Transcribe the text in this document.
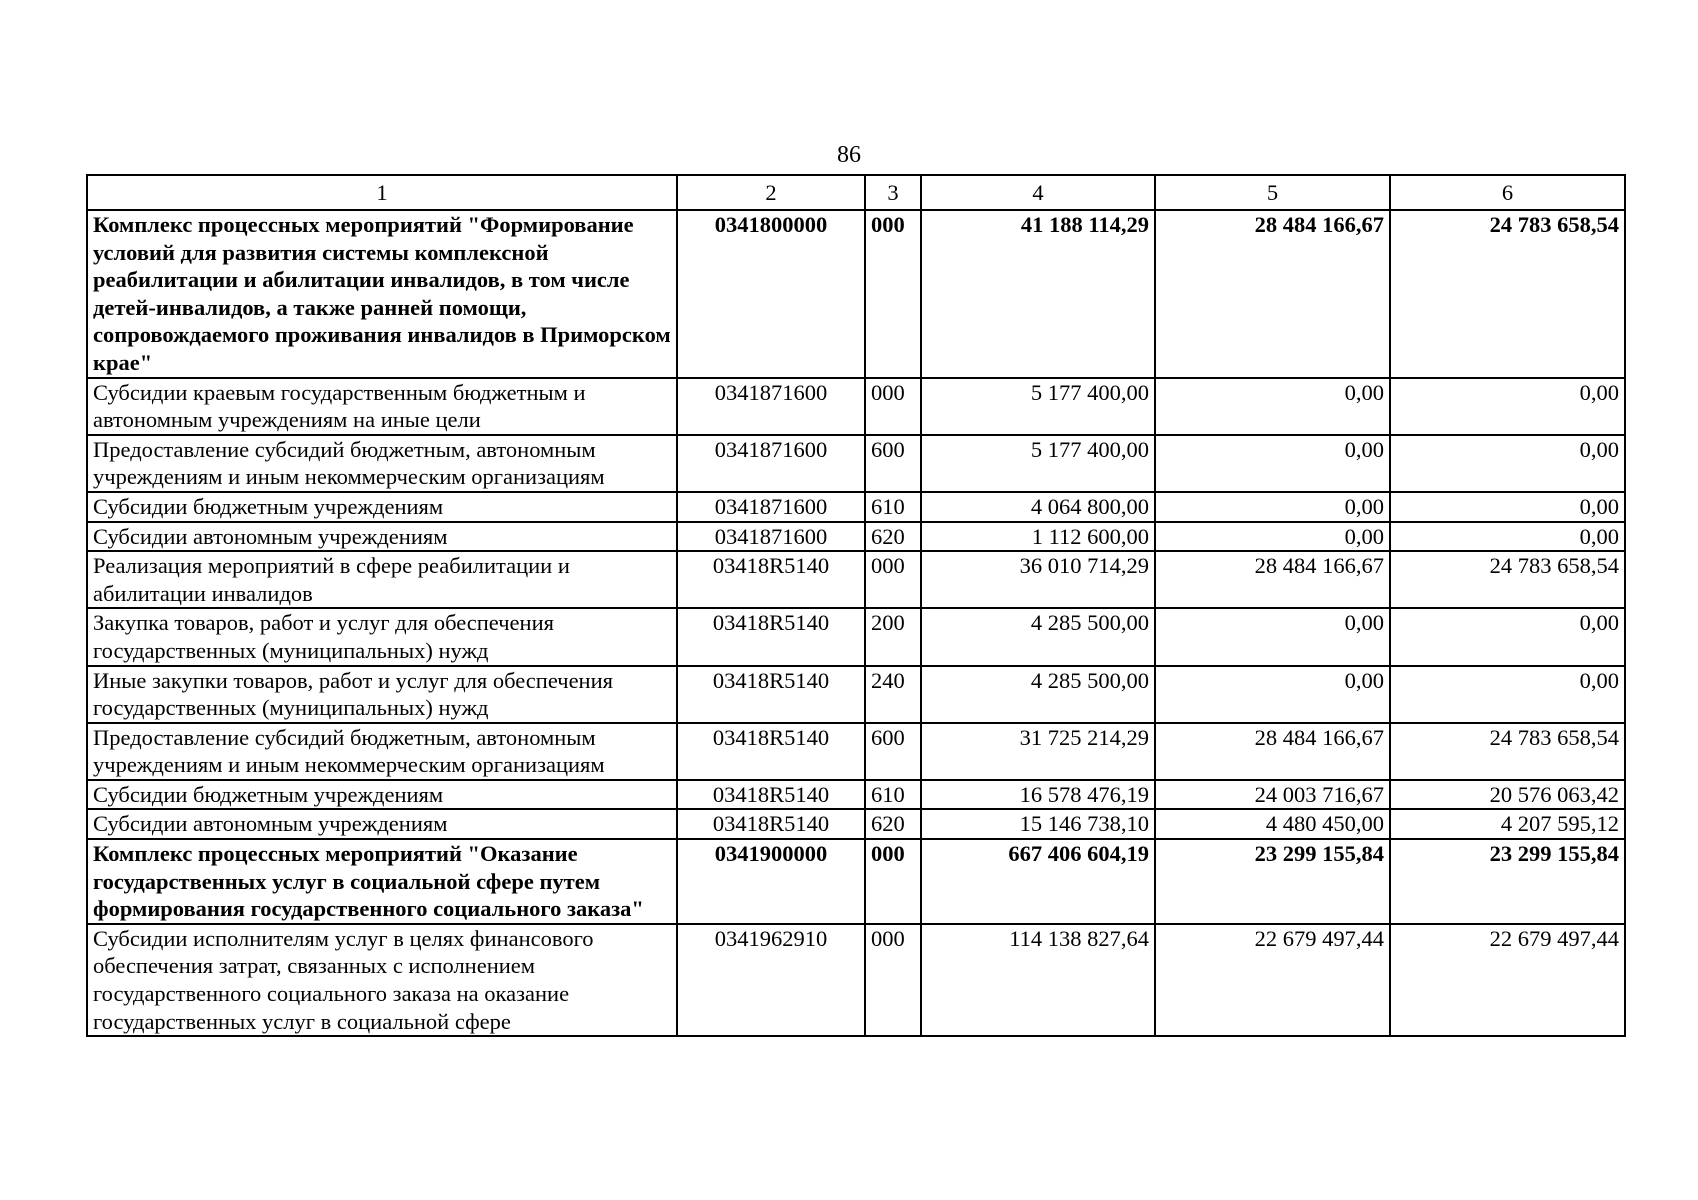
86
1	2	3	4	5	6
Комплекс процессных мероприятий "Формирование условий для развития системы комплексной реабилитации и абилитации инвалидов, в том числе детей-инвалидов, а также ранней помощи, сопровождаемого проживания инвалидов в Приморском крае"	0341800000	000	41 188 114,29	28 484 166,67	24 783 658,54
Субсидии краевым государственным бюджетным и автономным учреждениям на иные цели	0341871600	000	5 177 400,00	0,00	0,00
Предоставление субсидий бюджетным, автономным учреждениям и иным некоммерческим организациям	0341871600	600	5 177 400,00	0,00	0,00
Субсидии бюджетным учреждениям	0341871600	610	4 064 800,00	0,00	0,00
Субсидии автономным учреждениям	0341871600	620	1 112 600,00	0,00	0,00
Реализация мероприятий в сфере реабилитации и абилитации инвалидов	03418R5140	000	36 010 714,29	28 484 166,67	24 783 658,54
Закупка товаров, работ и услуг для обеспечения государственных (муниципальных) нужд	03418R5140	200	4 285 500,00	0,00	0,00
Иные закупки товаров, работ и услуг для обеспечения государственных (муниципальных) нужд	03418R5140	240	4 285 500,00	0,00	0,00
Предоставление субсидий бюджетным, автономным учреждениям и иным некоммерческим организациям	03418R5140	600	31 725 214,29	28 484 166,67	24 783 658,54
Субсидии бюджетным учреждениям	03418R5140	610	16 578 476,19	24 003 716,67	20 576 063,42
Субсидии автономным учреждениям	03418R5140	620	15 146 738,10	4 480 450,00	4 207 595,12
Комплекс процессных мероприятий "Оказание государственных услуг в социальной сфере путем формирования государственного социального заказа"	0341900000	000	667 406 604,19	23 299 155,84	23 299 155,84
Субсидии исполнителям услуг в целях финансового обеспечения затрат, связанных с исполнением государственного социального заказа на оказание государственных услуг в социальной сфере	0341962910	000	114 138 827,64	22 679 497,44	22 679 497,44
